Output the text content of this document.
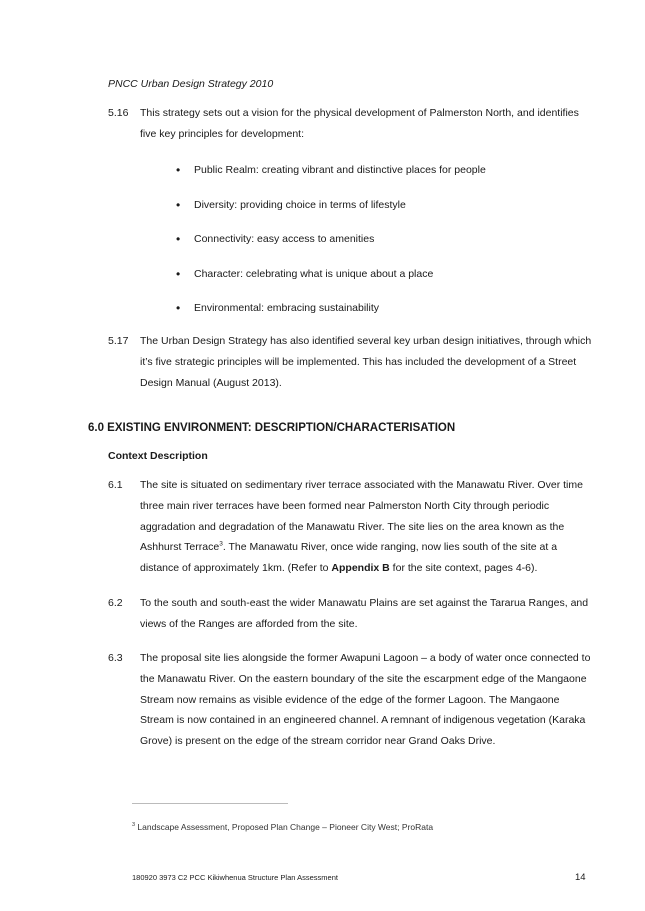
PNCC Urban Design Strategy 2010
5.16 This strategy sets out a vision for the physical development of Palmerston North, and identifies five key principles for development:
• Public Realm: creating vibrant and distinctive places for people
• Diversity: providing choice in terms of lifestyle
• Connectivity: easy access to amenities
• Character: celebrating what is unique about a place
• Environmental: embracing sustainability
5.17 The Urban Design Strategy has also identified several key urban design initiatives, through which it’s five strategic principles will be implemented. This has included the development of a Street Design Manual (August 2013).
6.0 EXISTING ENVIRONMENT: DESCRIPTION/CHARACTERISATION
Context Description
6.1 The site is situated on sedimentary river terrace associated with the Manawatu River. Over time three main river terraces have been formed near Palmerston North City through periodic aggradation and degradation of the Manawatu River. The site lies on the area known as the Ashhurst Terrace$^3$. The Manawatu River, once wide ranging, now lies south of the site at a distance of approximately 1km. (Refer to Appendix B for the site context, pages 4-6).
6.2 To the south and south-east the wider Manawatu Plains are set against the Tararua Ranges, and views of the Ranges are afforded from the site.
6.3 The proposal site lies alongside the former Awapuni Lagoon – a body of water once connected to the Manawatu River. On the eastern boundary of the site the escarpment edge of the Mangaone Stream now remains as visible evidence of the edge of the former Lagoon. The Mangaone Stream is now contained in an engineered channel. A remnant of indigenous vegetation (Karaka Grove) is present on the edge of the stream corridor near Grand Oaks Drive.
$^3$ Landscape Assessment, Proposed Plan Change – Pioneer City West; ProRata
180920 3973 C2 PCC Kikiwhenua Structure Plan Assessment	14
